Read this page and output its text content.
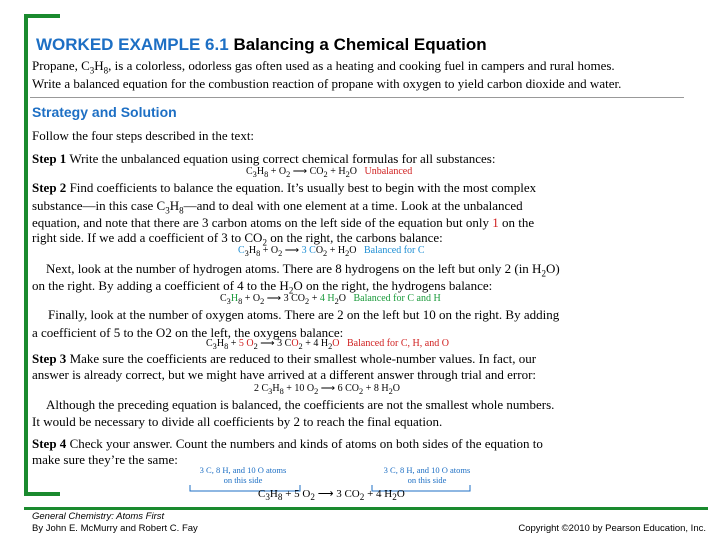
WORKED EXAMPLE 6.1 Balancing a Chemical Equation
Propane, $C_3H_8$, is a colorless, odorless gas often used as a heating and cooking fuel in campers and rural homes.
Write a balanced equation for the combustion reaction of propane with oxygen to yield carbon dioxide and water.
Strategy and Solution
Follow the four steps described in the text:
Step 1 Write the unbalanced equation using correct chemical formulas for all substances:
$C_3H_8 + O_2$ ⟶ $CO_2 + H_2O$   Unbalanced
Step 2 Find coefficients to balance the equation. It’s usually best to begin with the most complex
substance—in this case $C_3H_8—and$ to deal with one element at a time. Look at the unbalanced
equation, and note that there are 3 carbon atoms on the left side of the equation but only 1 on the
right side. If we add a coefficient of 3 to $CO_2$ on the right, the carbons balance:
$C_3H_8 + O_2$ ⟶ 3 $CO_2 + H_2O$   Balanced for C
Next, look at the number of hydrogen atoms. There are 8 hydrogens on the left but only 2 (in $H_2O$)
on the right. By adding a coefficient of 4 to the $H_2O$ on the right, the hydrogens balance:
$C_3H_8 + O_2$ ⟶ 3 $CO_2 + 4$ $H_2O$   Balanced for C and H
Finally, look at the number of oxygen atoms. There are 2 on the left but 10 on the right. By adding
a coefficient of 5 to the O2 on the left, the oxygens balance:
$C_3H_8 + 5$ $O_2$ ⟶ 3 $CO_2 + 4$ $H_2O$ Balanced for C, H, and O
Step 3 Make sure the coefficients are reduced to their smallest whole-number values. In fact, our
answer is already correct, but we might have arrived at a different answer through trial and error:
2 $C_3H_8 + 10$ $O_2$ ⟶ 6 $CO_2 + 8$ $H_2O$
Although the preceding equation is balanced, the coefficients are not the smallest whole numbers.
It would be necessary to divide all coefficients by 2 to reach the final equation.
Step 4 Check your answer. Count the numbers and kinds of atoms on both sides of the equation to
make sure they’re the same:
3 C, 8 H, and 10 O atoms
on this side
3 C, 8 H, and 10 O atoms
on this side
$C_3H_8 + 5$ $O_2$ ⟶ 3 $CO_2 + 4$ $H_2O$
General Chemistry: Atoms First
By John E. McMurry and Robert C. Fay	Copyright ©2010 by Pearson Education, Inc.
